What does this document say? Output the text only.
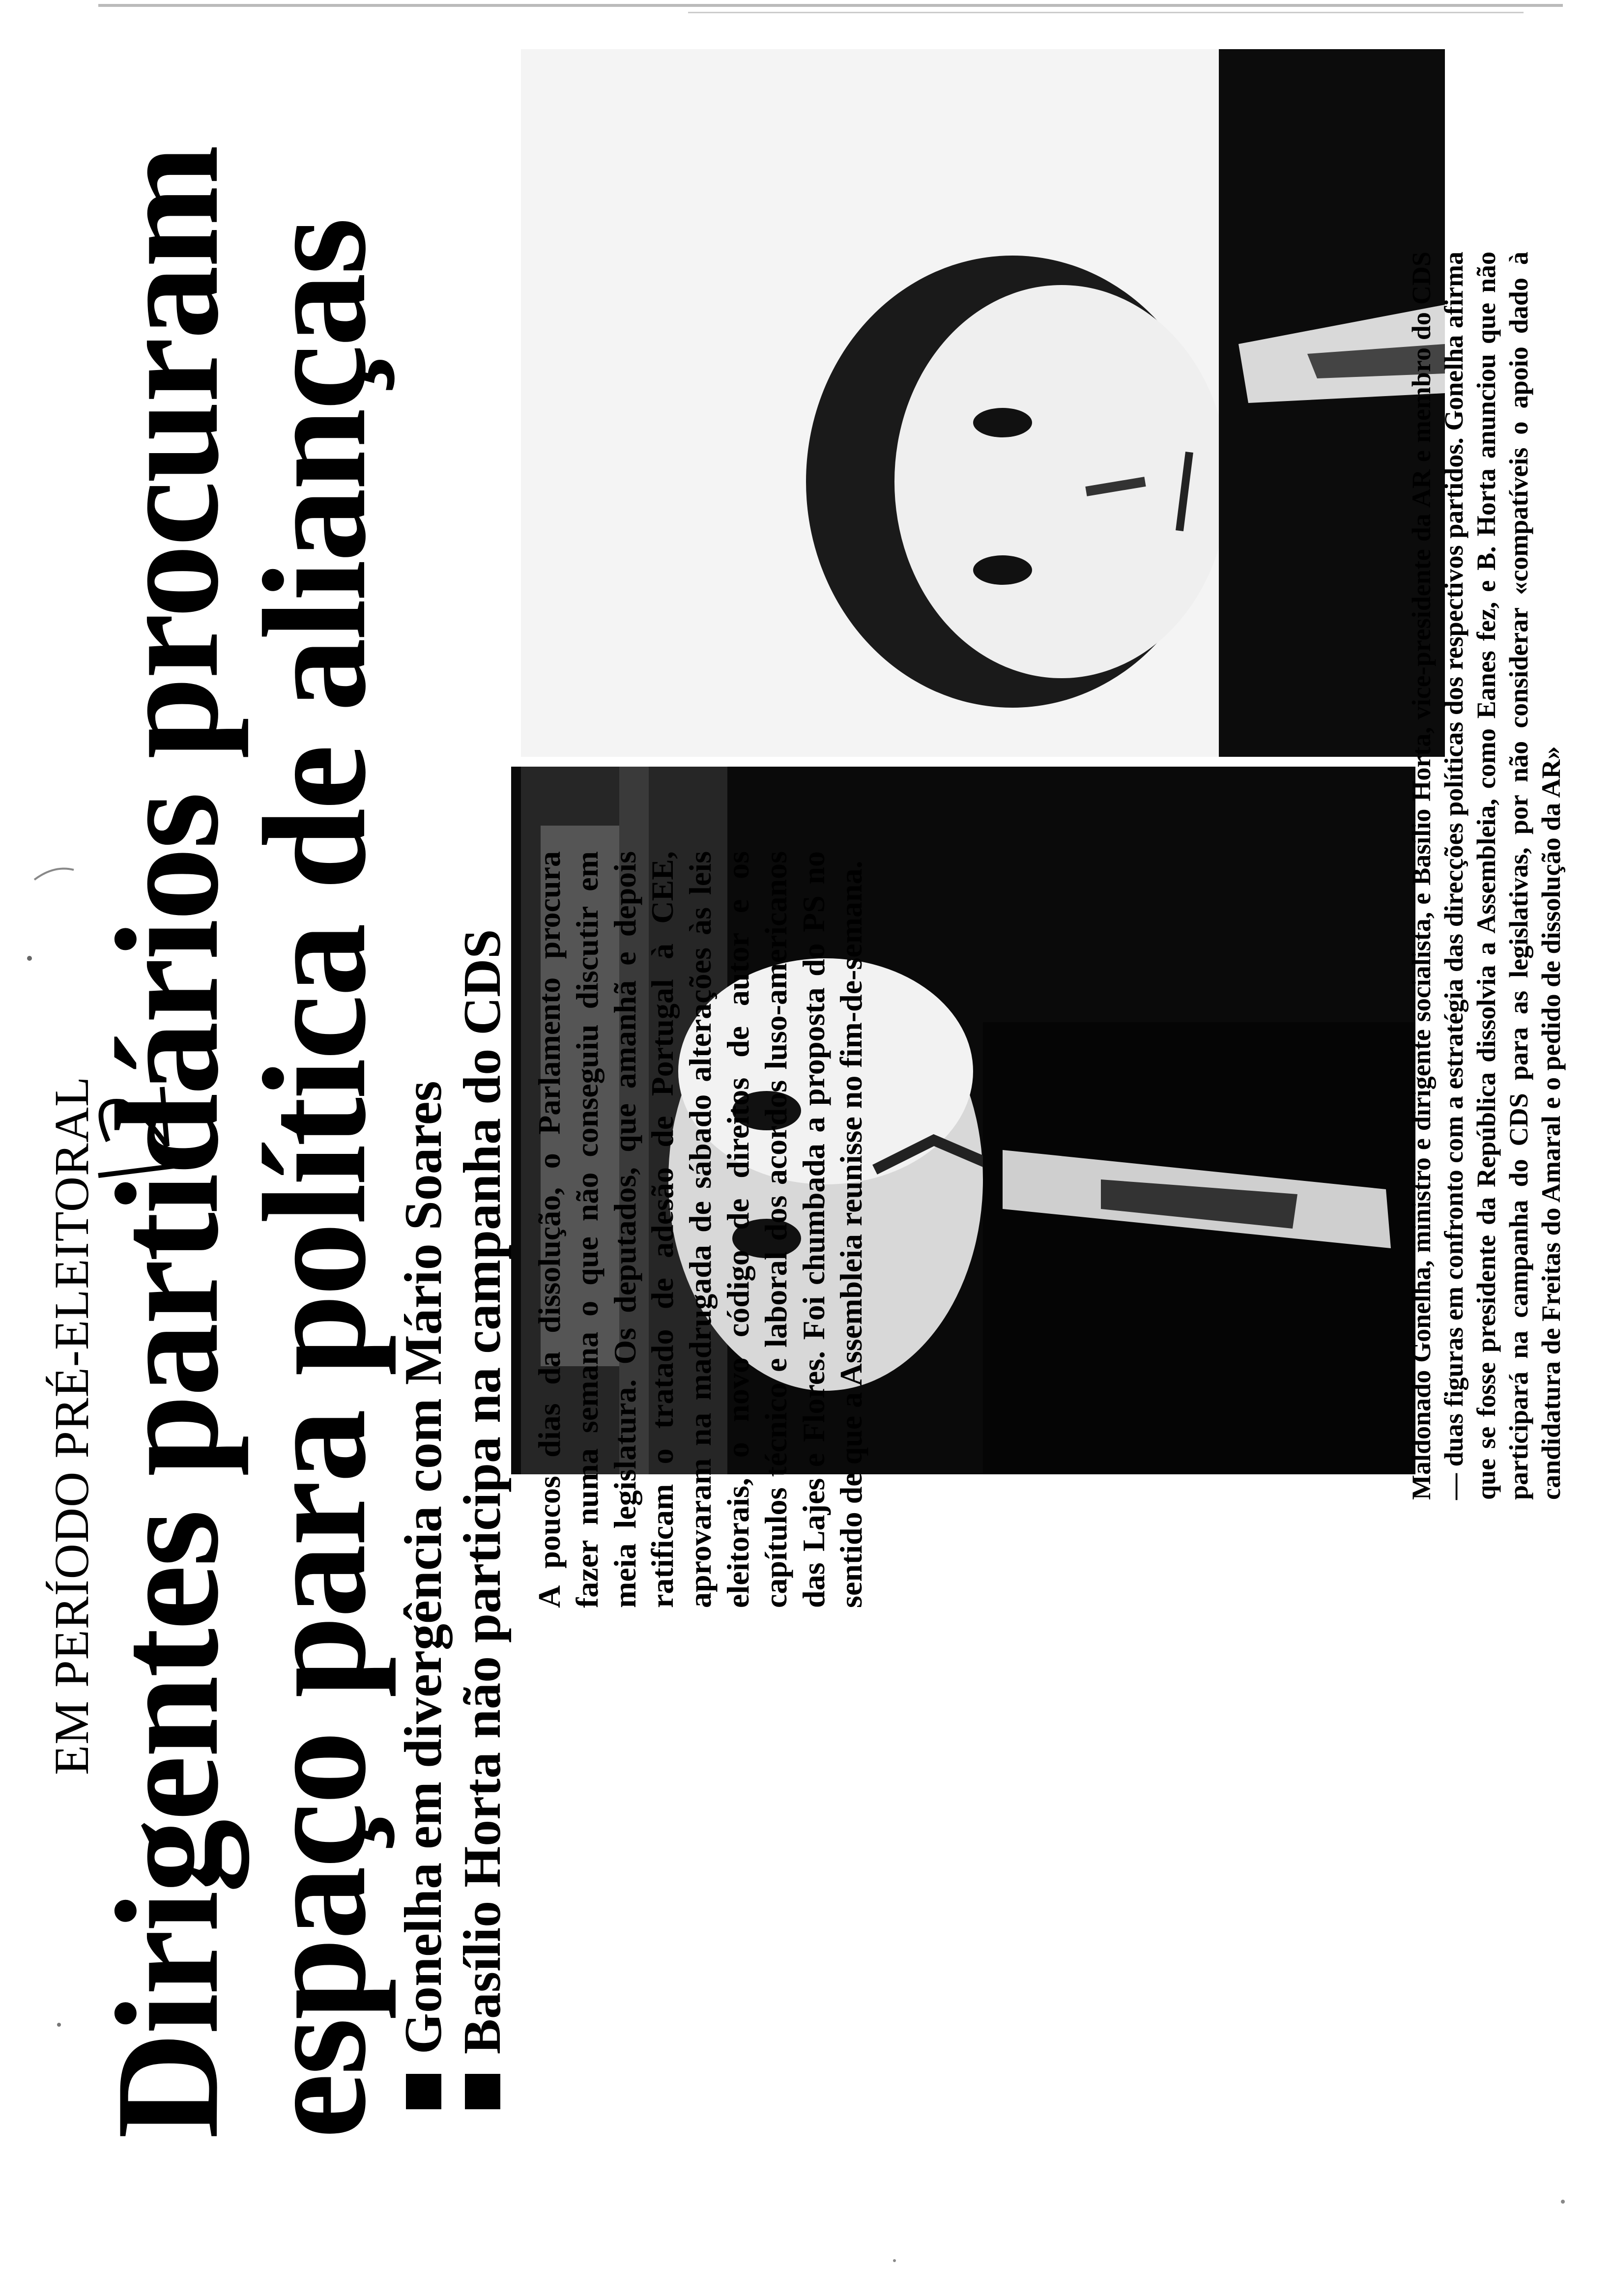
EM PERÍODO PRÉ-ELEITORAL
Dirigentes partidários procuram
espaço para política de alianças
Gonelha em divergência com Mário Soares Basílio Horta não participa na campanha do CDS A poucos dias da dissolução, o Parlamento procura fazer numa semana o que não conseguiu discutir em meia legislatura. Os deputados, que amanhã e depois ratificam o tratado de adesão de Portugal à CEE, aprovaram na madrugada de sábado alterações às leis eleitorais, o novo código de direitos de autor e os capítulos técnico e laboral dos acordos luso-americanos das Lajes e Flores. Foi chumbada a proposta do PS no sentido de que a Assembleia reunisse no fim-de-semana.	Maldonado Gonelha, ministro e dirigente socialista, e Basílio Horta, vice-presidente da AR e membro do CDS — duas figuras em confronto com a estratégia das direcções políticas dos respectivos partidos. Gonelha afirma que se fosse presidente da República dissolvia a Assembleia, como Eanes fez, e B. Horta anunciou que não participará na campanha do CDS para as legislativas, por não considerar «compatíveis o apoio dado à candidatura de Freitas do Amaral e o pedido de dissolução da AR»
